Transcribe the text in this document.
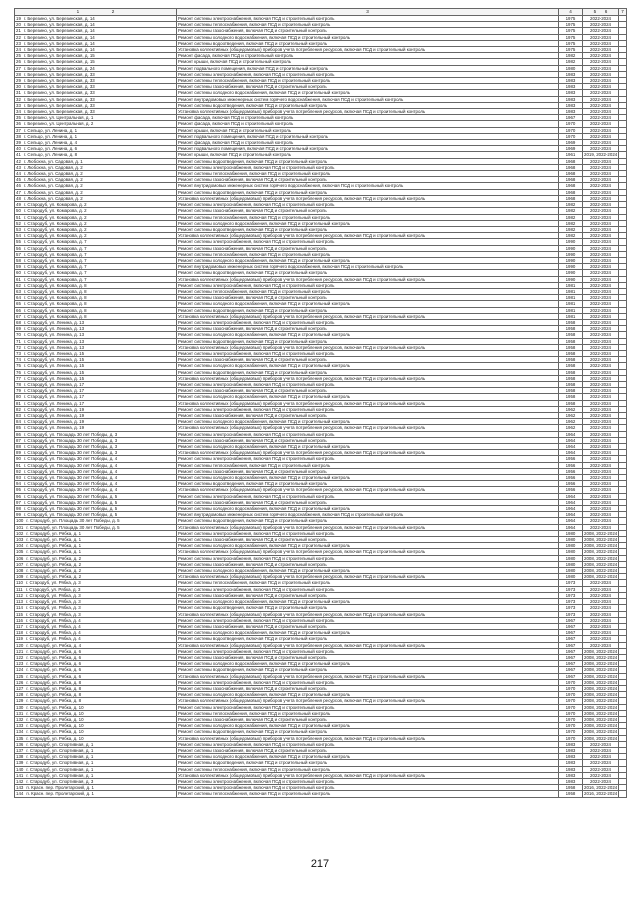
1 2	3	4	5 6	7
19 г. Березино, ул. Березинская, д. 14	Ремонт системы электроснабжения, включая ПСД и строительный контроль	1975	2022-2024	
20 г. Березино, ул. Березинская, д. 14	Ремонт системы теплоснабжения, включая ПСД и строительный контроль	1975	2022-2024	
21 г. Березино, ул. Березинская, д. 14	Ремонт системы газоснабжения, включая ПСД и строительный контроль	1975	2022-2024	
22 г. Березино, ул. Березинская, д. 14	Ремонт системы холодного водоснабжения, включая ПСД и строительный контроль	1975	2022-2024	
23 г. Березино, ул. Березинская, д. 14	Ремонт системы водоотведения, включая ПСД и строительный контроль	1975	2022-2024	
24 г. Березино, ул. Березинская, д. 14	Установка коллективных (общедомовых) приборов учета потребления ресурсов, включая ПСД и строительный контроль	1975	2022-2024	
25 г. Березино, ул. Березинская, д. 15	Ремонт фасада, включая ПСД и строительный контроль	1982	2022-2024	
26 г. Березино, ул. Березинская, д. 15	Ремонт крыши, включая ПСД и строительный контроль	1982	2022-2024	
27 г. Березино, ул. Березинская, д. 24	Ремонт подвального помещения, включая ПСД и строительный контроль	1980	2022-2024	
28 г. Березино, ул. Березинская, д. 33	Ремонт системы электроснабжения, включая ПСД и строительный контроль	1983	2022-2024	
29 г. Березино, ул. Березинская, д. 33	Ремонт системы теплоснабжения, включая ПСД и строительный контроль	1983	2022-2024	
30 г. Березино, ул. Березинская, д. 33	Ремонт системы газоснабжения, включая ПСД и строительный контроль	1983	2022-2024	
31 г. Березино, ул. Березинская, д. 33	Ремонт системы холодного водоснабжения, включая ПСД и строительный контроль	1983	2022-2024	
32 г. Березино, ул. Березинская, д. 33	Ремонт внутридомовых инженерных систем горячего водоснабжения, включая ПСД и строительный контроль	1983	2022-2024	
33 г. Березино, ул. Березинская, д. 33	Ремонт системы водоотведения, включая ПСД и строительный контроль	1983	2022-2024	
34 г. Березино, ул. Березинская, д. 33	Установка коллективных (общедомовых) приборов учета потребления ресурсов, включая ПСД и строительный контроль	1983	2022-2024	
35 г. Березино, ул. Центральная, д. 1	Ремонт фасада, включая ПСД и строительный контроль	1967	2022-2024	
36 г. Березино, ул. Центральная, д. 2	Ремонт фасада, включая ПСД и строительный контроль	1970	2022-2024	
37 г. Сельцо, ул. Ленина, д. 1	Ремонт крыши, включая ПСД и строительный контроль	1970	2022-2024	
38 г. Сельцо, ул. Ленина, д. 1	Ремонт подвального помещения, включая ПСД и строительный контроль	1970	2022-2024	
39 г. Сельцо, ул. Ленина, д. 4	Ремонт фасада, включая ПСД и строительный контроль	1969	2022-2024	
40 г. Сельцо, ул. Ленина, д. 6	Ремонт подвального помещения, включая ПСД и строительный контроль	1969	2022-2024	
41 г. Сельцо, ул. Ленина, д. 8	Ремонт крыши, включая ПСД и строительный контроль	1961	2019, 2022-2024	
42 г. Любохна, ул. Садовая, д. 1	Ремонт системы водоотведения, включая ПСД и строительный контроль	1968	2022-2024	
43 г. Любохна, ул. Садовая, д. 2	Ремонт системы электроснабжения, включая ПСД и строительный контроль	1968	2022-2024	
44 г. Любохна, ул. Садовая, д. 2	Ремонт системы теплоснабжения, включая ПСД и строительный контроль	1968	2022-2024	
45 г. Любохна, ул. Садовая, д. 2	Ремонт системы газоснабжения, включая ПСД и строительный контроль	1968	2022-2024	
46 г. Любохна, ул. Садовая, д. 2	Ремонт внутридомовых инженерных систем горячего водоснабжения, включая ПСД и строительный контроль	1968	2022-2024	
47 г. Любохна, ул. Садовая, д. 2	Ремонт системы водоотведения, включая ПСД и строительный контроль	1968	2022-2024	
48 г. Любохна, ул. Садовая, д. 2	Установка коллективных (общедомовых) приборов учета потребления ресурсов, включая ПСД и строительный контроль	1968	2022-2024	
49 г. Стародуб, ул. Комарова, д. 2	Ремонт системы электроснабжения, включая ПСД и строительный контроль	1982	2022-2024	
50 г. Стародуб, ул. Комарова, д. 2	Ремонт системы газоснабжения, включая ПСД и строительный контроль	1982	2022-2024	
51 г. Стародуб, ул. Комарова, д. 2	Ремонт системы теплоснабжения, включая ПСД и строительный контроль	1982	2022-2024	
52 г. Стародуб, ул. Комарова, д. 2	Ремонт системы холодного водоснабжения, включая ПСД и строительный контроль	1982	2022-2024	
53 г. Стародуб, ул. Комарова, д. 2	Ремонт системы водоотведения, включая ПСД и строительный контроль	1982	2022-2024	
54 г. Стародуб, ул. Комарова, д. 2	Установка коллективных (общедомовых) приборов учета потребления ресурсов, включая ПСД и строительный контроль	1982	2022-2024	
55 г. Стародуб, ул. Комарова, д. 7	Ремонт системы электроснабжения, включая ПСД и строительный контроль	1990	2022-2024	
56 г. Стародуб, ул. Комарова, д. 7	Ремонт системы газоснабжения, включая ПСД и строительный контроль	1990	2022-2024	
57 г. Стародуб, ул. Комарова, д. 7	Ремонт системы теплоснабжения, включая ПСД и строительный контроль	1990	2022-2024	
58 г. Стародуб, ул. Комарова, д. 7	Ремонт системы холодного водоснабжения, включая ПСД и строительный контроль	1990	2022-2024	
59 г. Стародуб, ул. Комарова, д. 7	Ремонт внутридомовых инженерных систем горячего водоснабжения, включая ПСД и строительный контроль	1990	2022-2024	
60 г. Стародуб, ул. Комарова, д. 7	Ремонт системы водоотведения, включая ПСД и строительный контроль	1990	2022-2024	
61 г. Стародуб, ул. Комарова, д. 7	Установка коллективных (общедомовых) приборов учета потребления ресурсов, включая ПСД и строительный контроль	1990	2022-2024	
62 г. Стародуб, ул. Комарова, д. 8	Ремонт системы электроснабжения, включая ПСД и строительный контроль	1981	2022-2024	
63 г. Стародуб, ул. Комарова, д. 8	Ремонт системы теплоснабжения, включая ПСД и строительный контроль	1981	2022-2024	
64 г. Стародуб, ул. Комарова, д. 8	Ремонт системы газоснабжения, включая ПСД и строительный контроль	1981	2022-2024	
65 г. Стародуб, ул. Комарова, д. 8	Ремонт системы холодного водоснабжения, включая ПСД и строительный контроль	1981	2022-2024	
66 г. Стародуб, ул. Комарова, д. 8	Ремонт системы водоотведения, включая ПСД и строительный контроль	1981	2022-2024	
67 г. Стародуб, ул. Комарова, д. 8	Установка коллективных (общедомовых) приборов учета потребления ресурсов, включая ПСД и строительный контроль	1981	2022-2024	
68 г. Стародуб, ул. Ленина, д. 13	Ремонт системы электроснабжения, включая ПСД и строительный контроль	1958	2022-2024	
69 г. Стародуб, ул. Ленина, д. 13	Ремонт системы газоснабжения, включая ПСД и строительный контроль	1958	2022-2024	
70 г. Стародуб, ул. Ленина, д. 13	Ремонт системы холодного водоснабжения, включая ПСД и строительный контроль	1958	2022-2024	
71 г. Стародуб, ул. Ленина, д. 13	Ремонт системы водоотведения, включая ПСД и строительный контроль	1958	2022-2024	
72 г. Стародуб, ул. Ленина, д. 13	Установка коллективных (общедомовых) приборов учета потребления ресурсов, включая ПСД и строительный контроль	1958	2022-2024	
73 г. Стародуб, ул. Ленина, д. 15	Ремонт системы электроснабжения, включая ПСД и строительный контроль	1958	2022-2024	
74 г. Стародуб, ул. Ленина, д. 15	Ремонт системы газоснабжения, включая ПСД и строительный контроль	1958	2022-2024	
75 г. Стародуб, ул. Ленина, д. 15	Ремонт системы холодного водоснабжения, включая ПСД и строительный контроль	1958	2022-2024	
76 г. Стародуб, ул. Ленина, д. 15	Ремонт системы водоотведения, включая ПСД и строительный контроль	1958	2022-2024	
77 г. Стародуб, ул. Ленина, д. 15	Установка коллективных (общедомовых) приборов учета потребления ресурсов, включая ПСД и строительный контроль	1958	2022-2024	
78 г. Стародуб, ул. Ленина, д. 17	Ремонт системы электроснабжения, включая ПСД и строительный контроль	1958	2022-2024	
79 г. Стародуб, ул. Ленина, д. 17	Ремонт системы газоснабжения, включая ПСД и строительный контроль	1958	2022-2024	
80 г. Стародуб, ул. Ленина, д. 17	Ремонт системы холодного водоснабжения, включая ПСД и строительный контроль	1958	2022-2024	
81 г. Стародуб, ул. Ленина, д. 17	Установка коллективных (общедомовых) приборов учета потребления ресурсов, включая ПСД и строительный контроль	1958	2022-2024	
82 г. Стародуб, ул. Ленина, д. 19	Ремонт системы электроснабжения, включая ПСД и строительный контроль	1962	2022-2024	
83 г. Стародуб, ул. Ленина, д. 19	Ремонт системы газоснабжения, включая ПСД и строительный контроль	1962	2022-2024	
84 г. Стародуб, ул. Ленина, д. 19	Ремонт системы холодного водоснабжения, включая ПСД и строительный контроль	1962	2022-2024	
85 г. Стародуб, ул. Ленина, д. 19	Установка коллективных (общедомовых) приборов учета потребления ресурсов, включая ПСД и строительный контроль	1962	2022-2024	
86 г. Стародуб, ул. Площадь 30 лет Победы, д. 3	Ремонт системы электроснабжения, включая ПСД и строительный контроль	1964	2022-2024	
87 г. Стародуб, ул. Площадь 30 лет Победы, д. 3	Ремонт системы газоснабжения, включая ПСД и строительный контроль	1964	2022-2024	
88 г. Стародуб, ул. Площадь 30 лет Победы, д. 3	Ремонт системы холодного водоснабжения, включая ПСД и строительный контроль	1964	2022-2024	
89 г. Стародуб, ул. Площадь 30 лет Победы, д. 3	Установка коллективных (общедомовых) приборов учета потребления ресурсов, включая ПСД и строительный контроль	1964	2022-2024	
90 г. Стародуб, ул. Площадь 30 лет Победы, д. 4	Ремонт системы электроснабжения, включая ПСД и строительный контроль	1956	2022-2024	
91 г. Стародуб, ул. Площадь 30 лет Победы, д. 4	Ремонт системы теплоснабжения, включая ПСД и строительный контроль	1956	2022-2024	
92 г. Стародуб, ул. Площадь 30 лет Победы, д. 4	Ремонт системы газоснабжения, включая ПСД и строительный контроль	1956	2022-2024	
93 г. Стародуб, ул. Площадь 30 лет Победы, д. 4	Ремонт системы холодного водоснабжения, включая ПСД и строительный контроль	1956	2022-2024	
94 г. Стародуб, ул. Площадь 30 лет Победы, д. 4	Ремонт системы водоотведения, включая ПСД и строительный контроль	1956	2022-2024	
95 г. Стародуб, ул. Площадь 30 лет Победы, д. 4	Установка коллективных (общедомовых) приборов учета потребления ресурсов, включая ПСД и строительный контроль	1956	2022-2024	
96 г. Стародуб, ул. Площадь 30 лет Победы, д. 5	Ремонт системы электроснабжения, включая ПСД и строительный контроль	1964	2022-2024	
97 г. Стародуб, ул. Площадь 30 лет Победы, д. 5	Ремонт системы газоснабжения, включая ПСД и строительный контроль	1964	2022-2024	
98 г. Стародуб, ул. Площадь 30 лет Победы, д. 5	Ремонт системы холодного водоснабжения, включая ПСД и строительный контроль	1964	2022-2024	
99 г. Стародуб, ул. Площадь 30 лет Победы, д. 5	Ремонт внутридомовых инженерных систем горячего водоснабжения, включая ПСД и строительный контроль	1964	2022-2024	
100 г. Стародуб, ул. Площадь 30 лет Победы, д. 5	Ремонт системы водоотведения, включая ПСД и строительный контроль	1964	2022-2024	
101 г. Стародуб, ул. Площадь 30 лет Победы, д. 5	Установка коллективных (общедомовых) приборов учета потребления ресурсов, включая ПСД и строительный контроль	1964	2022-2024	
102 г. Стародуб, ул. Рябка, д. 1	Ремонт системы электроснабжения, включая ПСД и строительный контроль	1980	2008, 2022-2024	
103 г. Стародуб, ул. Рябка, д. 1	Ремонт системы газоснабжения, включая ПСД и строительный контроль	1980	2008, 2022-2024	
104 г. Стародуб, ул. Рябка, д. 1	Ремонт системы холодного водоснабжения, включая ПСД и строительный контроль	1980	2008, 2022-2024	
105 г. Стародуб, ул. Рябка, д. 1	Установка коллективных (общедомовых) приборов учета потребления ресурсов, включая ПСД и строительный контроль	1980	2008, 2022-2024	
106 г. Стародуб, ул. Рябка, д. 2	Ремонт системы электроснабжения, включая ПСД и строительный контроль	1980	2008, 2022-2024	
107 г. Стародуб, ул. Рябка, д. 2	Ремонт системы газоснабжения, включая ПСД и строительный контроль	1980	2008, 2022-2024	
108 г. Стародуб, ул. Рябка, д. 2	Ремонт системы холодного водоснабжения, включая ПСД и строительный контроль	1980	2008, 2022-2024	
109 г. Стародуб, ул. Рябка, д. 2	Установка коллективных (общедомовых) приборов учета потребления ресурсов, включая ПСД и строительный контроль	1980	2008, 2022-2024	
110 г. Стародуб, ул. Рябка, д. 3	Ремонт системы теплоснабжения, включая ПСД и строительный контроль	1973	2022-2024	
111 г. Стародуб, ул. Рябка, д. 3	Ремонт системы электроснабжения, включая ПСД и строительный контроль	1973	2022-2024	
112 г. Стародуб, ул. Рябка, д. 3	Ремонт системы газоснабжения, включая ПСД и строительный контроль	1973	2022-2024	
113 г. Стародуб, ул. Рябка, д. 3	Ремонт системы холодного водоснабжения, включая ПСД и строительный контроль	1973	2022-2024	
114 г. Стародуб, ул. Рябка, д. 3	Ремонт системы водоотведения, включая ПСД и строительный контроль	1973	2022-2024	
115 г. Стародуб, ул. Рябка, д. 3	Установка коллективных (общедомовых) приборов учета потребления ресурсов, включая ПСД и строительный контроль	1973	2022-2024	
116 г. Стародуб, ул. Рябка, д. 4	Ремонт системы электроснабжения, включая ПСД и строительный контроль	1967	2022-2024	
117 г. Стародуб, ул. Рябка, д. 4	Ремонт системы газоснабжения, включая ПСД и строительный контроль	1967	2022-2024	
118 г. Стародуб, ул. Рябка, д. 4	Ремонт системы холодного водоснабжения, включая ПСД и строительный контроль	1967	2022-2024	
119 г. Стародуб, ул. Рябка, д. 4	Ремонт системы водоотведения, включая ПСД и строительный контроль	1967	2022-2024	
120 г. Стародуб, ул. Рябка, д. 4	Установка коллективных (общедомовых) приборов учета потребления ресурсов, включая ПСД и строительный контроль	1967	2022-2024	
121 г. Стародуб, ул. Рябка, д. 6	Ремонт системы электроснабжения, включая ПСД и строительный контроль	1967	2008, 2022-2024	
122 г. Стародуб, ул. Рябка, д. 6	Ремонт системы газоснабжения, включая ПСД и строительный контроль	1967	2008, 2022-2024	
123 г. Стародуб, ул. Рябка, д. 6	Ремонт системы холодного водоснабжения, включая ПСД и строительный контроль	1967	2008, 2022-2024	
124 г. Стародуб, ул. Рябка, д. 6	Ремонт системы водоотведения, включая ПСД и строительный контроль	1967	2008, 2022-2024	
125 г. Стародуб, ул. Рябка, д. 6	Установка коллективных (общедомовых) приборов учета потребления ресурсов, включая ПСД и строительный контроль	1967	2008, 2022-2024	
126 г. Стародуб, ул. Рябка, д. 8	Ремонт системы электроснабжения, включая ПСД и строительный контроль	1970	2008, 2022-2024	
127 г. Стародуб, ул. Рябка, д. 8	Ремонт системы газоснабжения, включая ПСД и строительный контроль	1970	2008, 2022-2024	
128 г. Стародуб, ул. Рябка, д. 8	Ремонт системы холодного водоснабжения, включая ПСД и строительный контроль	1970	2008, 2022-2024	
129 г. Стародуб, ул. Рябка, д. 8	Установка коллективных (общедомовых) приборов учета потребления ресурсов, включая ПСД и строительный контроль	1970	2008, 2022-2024	
130 г. Стародуб, ул. Рябка, д. 10	Ремонт системы электроснабжения, включая ПСД и строительный контроль	1970	2008, 2022-2024	
131 г. Стародуб, ул. Рябка, д. 10	Ремонт системы теплоснабжения, включая ПСД и строительный контроль	1970	2008, 2022-2024	
132 г. Стародуб, ул. Рябка, д. 10	Ремонт системы газоснабжения, включая ПСД и строительный контроль	1970	2008, 2022-2024	
133 г. Стародуб, ул. Рябка, д. 10	Ремонт системы холодного водоснабжения, включая ПСД и строительный контроль	1970	2008, 2022-2024	
134 г. Стародуб, ул. Рябка, д. 10	Ремонт системы водоотведения, включая ПСД и строительный контроль	1970	2008, 2022-2024	
135 г. Стародуб, ул. Рябка, д. 10	Установка коллективных (общедомовых) приборов учета потребления ресурсов, включая ПСД и строительный контроль	1970	2008, 2022-2024	
136 г. Стародуб, ул. Спортивная, д. 1	Ремонт системы электроснабжения, включая ПСД и строительный контроль	1983	2022-2024	
137 г. Стародуб, ул. Спортивная, д. 1	Ремонт системы газоснабжения, включая ПСД и строительный контроль	1983	2022-2024	
138 г. Стародуб, ул. Спортивная, д. 1	Ремонт системы холодного водоснабжения, включая ПСД и строительный контроль	1983	2022-2024	
139 г. Стародуб, ул. Спортивная, д. 1	Ремонт системы водоотведения, включая ПСД и строительный контроль	1983	2022-2024	
140 г. Стародуб, ул. Спортивная, д. 1	Ремонт системы теплоснабжения, включая ПСД и строительный контроль	1983	2022-2024	
141 г. Стародуб, ул. Спортивная, д. 1	Установка коллективных (общедомовых) приборов учета потребления ресурсов, включая ПСД и строительный контроль	1983	2022-2024	
142 г. Стародуб, ул. Спортивная, д. 3	Ремонт системы электроснабжения, включая ПСД и строительный контроль	1983	2022-2024	
143 п. Красн. пер. Пролетарский, д. 1	Ремонт системы электроснабжения, включая ПСД и строительный контроль	1958	2016, 2022-2024	
144 п. Красн. пер. Пролетарский, д. 1	Ремонт системы теплоснабжения, включая ПСД и строительный контроль	1958	2016, 2022-2024	
217
